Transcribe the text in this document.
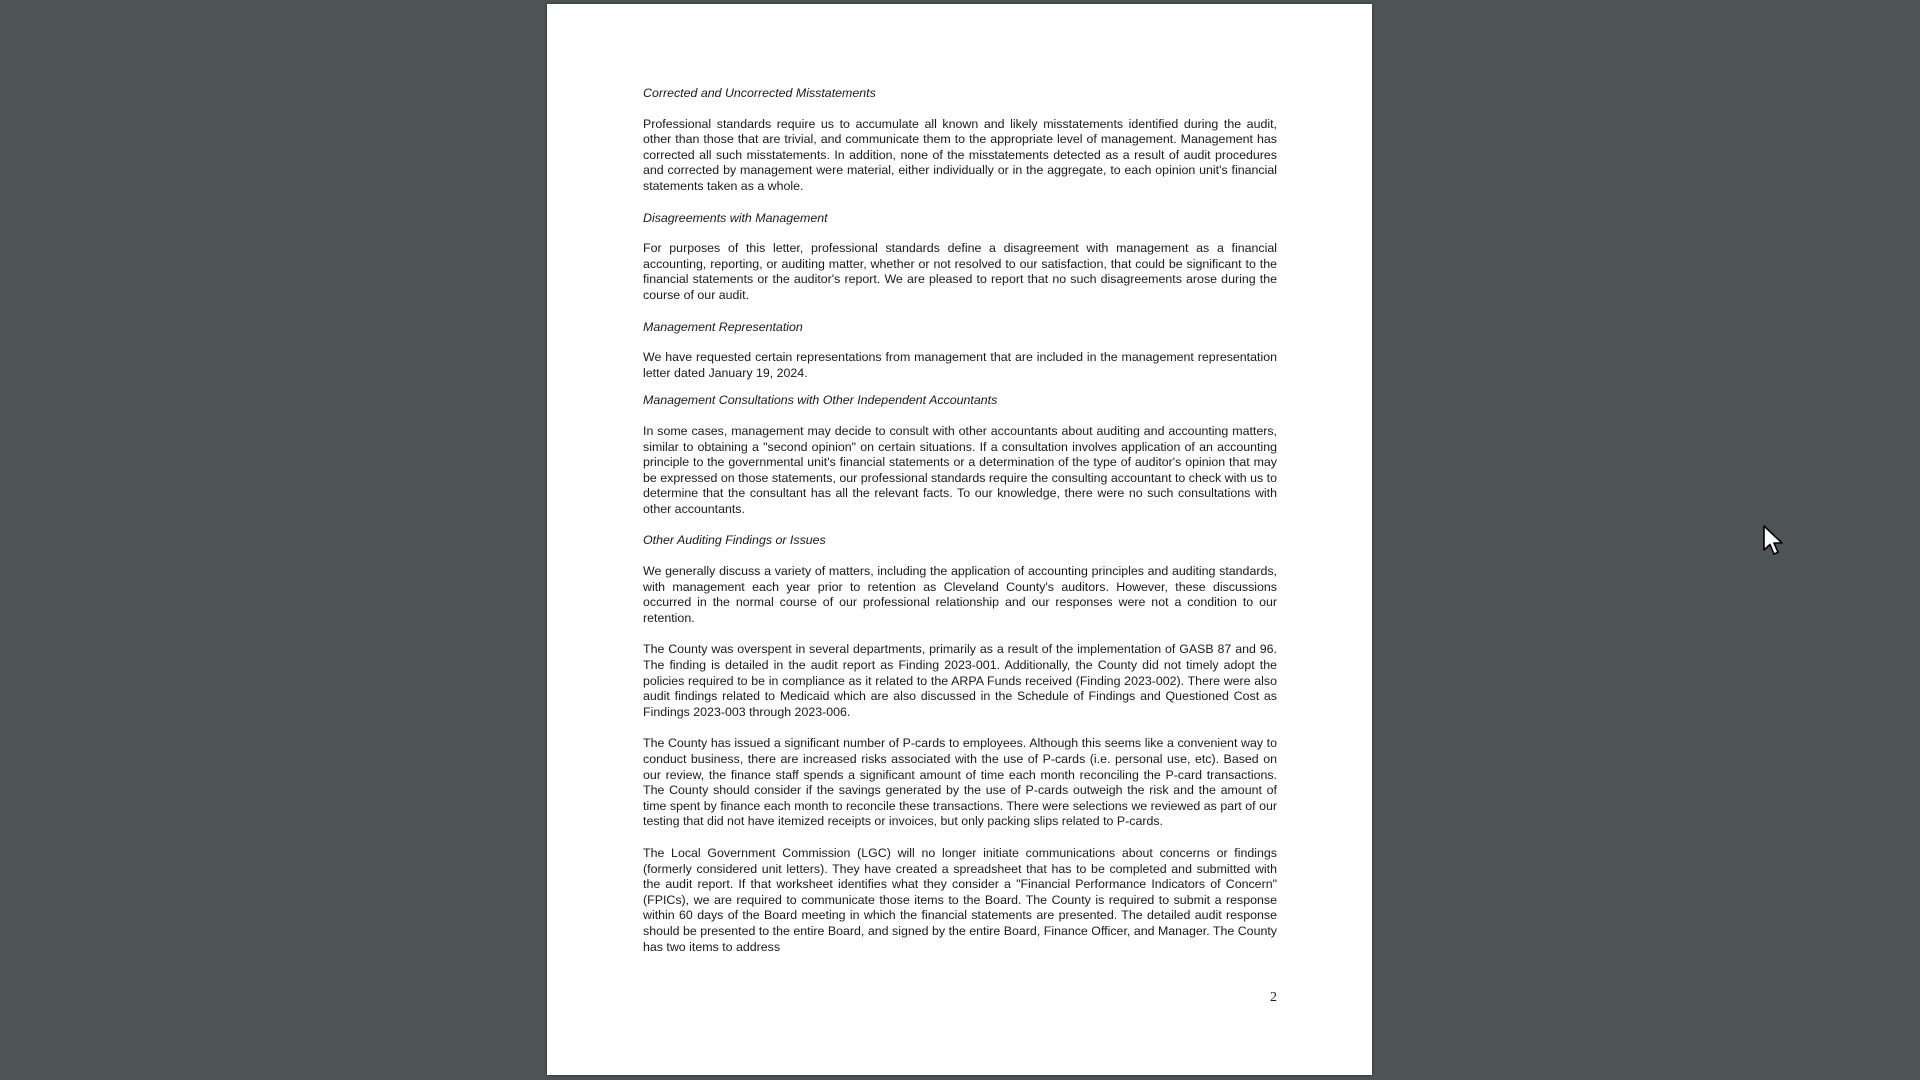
Corrected and Uncorrected Misstatements

Professional standards require us to accumulate all known and likely misstatements identified during the audit, other than those that are trivial, and communicate them to the appropriate level of management. Management has corrected all such misstatements. In addition, none of the misstatements detected as a result of audit procedures and corrected by management were material, either individually or in the aggregate, to each opinion unit's financial statements taken as a whole.

Disagreements with Management

For purposes of this letter, professional standards define a disagreement with management as a financial accounting, reporting, or auditing matter, whether or not resolved to our satisfaction, that could be significant to the financial statements or the auditor's report. We are pleased to report that no such disagreements arose during the course of our audit.

Management Representation

We have requested certain representations from management that are included in the management representation letter dated January 19, 2024.

Management Consultations with Other Independent Accountants

In some cases, management may decide to consult with other accountants about auditing and accounting matters, similar to obtaining a "second opinion" on certain situations. If a consultation involves application of an accounting principle to the governmental unit's financial statements or a determination of the type of auditor's opinion that may be expressed on those statements, our professional standards require the consulting accountant to check with us to determine that the consultant has all the relevant facts. To our knowledge, there were no such consultations with other accountants.

Other Auditing Findings or Issues

We generally discuss a variety of matters, including the application of accounting principles and auditing standards, with management each year prior to retention as Cleveland County's auditors. However, these discussions occurred in the normal course of our professional relationship and our responses were not a condition to our retention.

The County was overspent in several departments, primarily as a result of the implementation of GASB 87 and 96. The finding is detailed in the audit report as Finding 2023-001. Additionally, the County did not timely adopt the policies required to be in compliance as it related to the ARPA Funds received (Finding 2023-002). There were also audit findings related to Medicaid which are also discussed in the Schedule of Findings and Questioned Cost as Findings 2023-003 through 2023-006.

The County has issued a significant number of P-cards to employees. Although this seems like a convenient way to conduct business, there are increased risks associated with the use of P-cards (i.e. personal use, etc). Based on our review, the finance staff spends a significant amount of time each month reconciling the P-card transactions. The County should consider if the savings generated by the use of P-cards outweigh the risk and the amount of time spent by finance each month to reconcile these transactions. There were selections we reviewed as part of our testing that did not have itemized receipts or invoices, but only packing slips related to P-cards.

The Local Government Commission (LGC) will no longer initiate communications about concerns or findings (formerly considered unit letters). They have created a spreadsheet that has to be completed and submitted with the audit report. If that worksheet identifies what they consider a "Financial Performance Indicators of Concern" (FPICs), we are required to communicate those items to the Board. The County is required to submit a response within 60 days of the Board meeting in which the financial statements are presented. The detailed audit response should be presented to the entire Board, and signed by the entire Board, Finance Officer, and Manager. The County has two items to address

2
